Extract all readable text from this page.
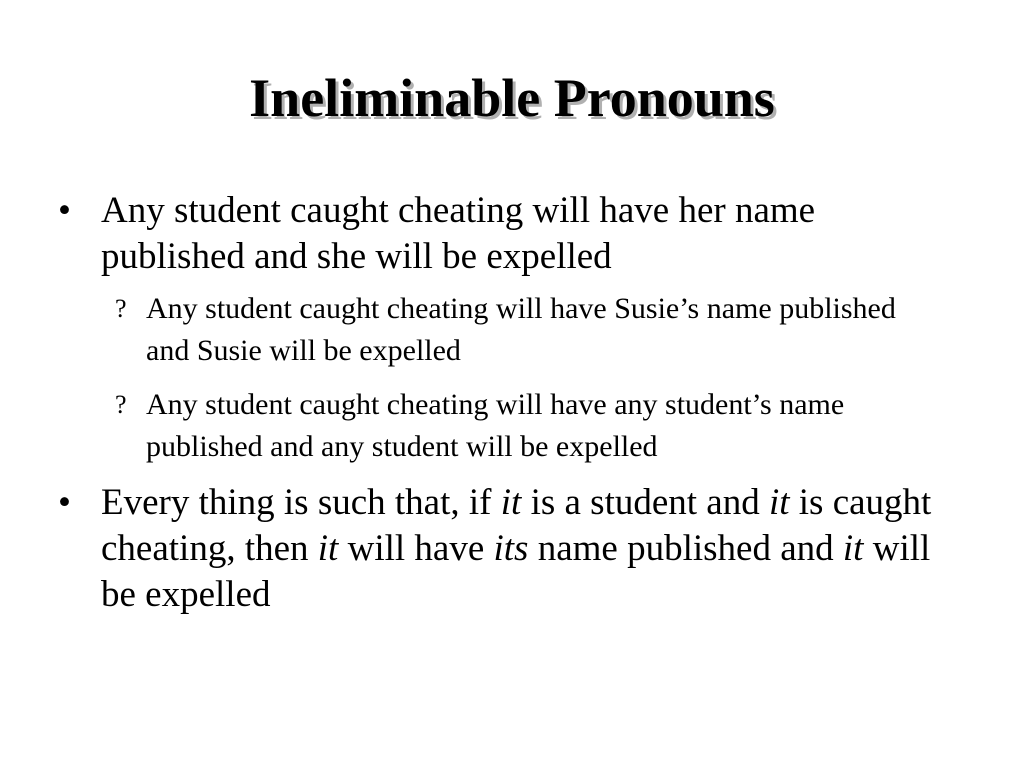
Ineliminable Pronouns
• Any student caught cheating will have her name published and she will be expelled
? Any student caught cheating will have Susie’s name published and Susie will be expelled
? Any student caught cheating will have any student’s name published and any student will be expelled
• Every thing is such that, if it is a student and it is caught cheating, then it will have its name published and it will be expelled
